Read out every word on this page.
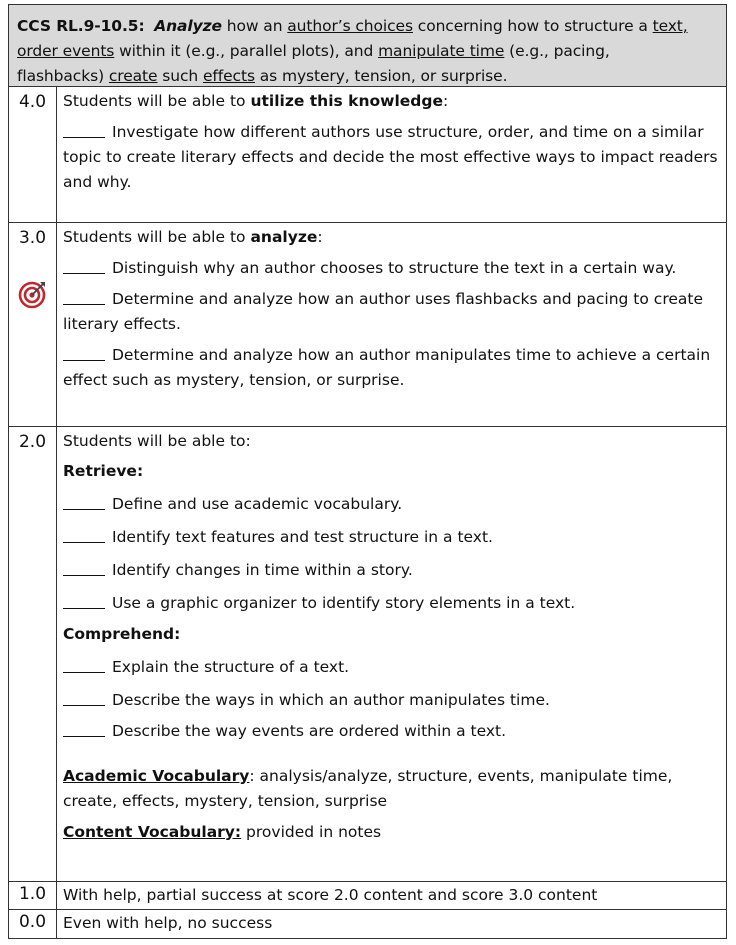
CCS RL.9-10.5: Analyze how an author’s choices concerning how to structure a text,
order events within it (e.g., parallel plots), and manipulate time (e.g., pacing,
flashbacks) create such effects as mystery, tension, or surprise.
4.0	Students will be able to utilize this knowledge:

Investigate how different authors use structure, order, and time on a similar topic to create literary effects and decide the most effective ways to impact readers and why.

3.0	Students will be able to analyze:

Distinguish why an author chooses to structure the text in a certain way.

Determine and analyze how an author uses flashbacks and pacing to create literary effects.

Determine and analyze how an author manipulates time to achieve a certain effect such as mystery, tension, or surprise.

2.0	Students will be able to:

Retrieve:

Define and use academic vocabulary.

Identify text features and test structure in a text.

Identify changes in time within a story.

Use a graphic organizer to identify story elements in a text.

Comprehend:

Explain the structure of a text.

Describe the ways in which an author manipulates time.

Describe the way events are ordered within a text.

Academic Vocabulary: analysis/analyze, structure, events, manipulate time, create, effects, mystery, tension, surprise

Content Vocabulary: provided in notes

1.0	With help, partial success at score 2.0 content and score 3.0 content
0.0	Even with help, no success
